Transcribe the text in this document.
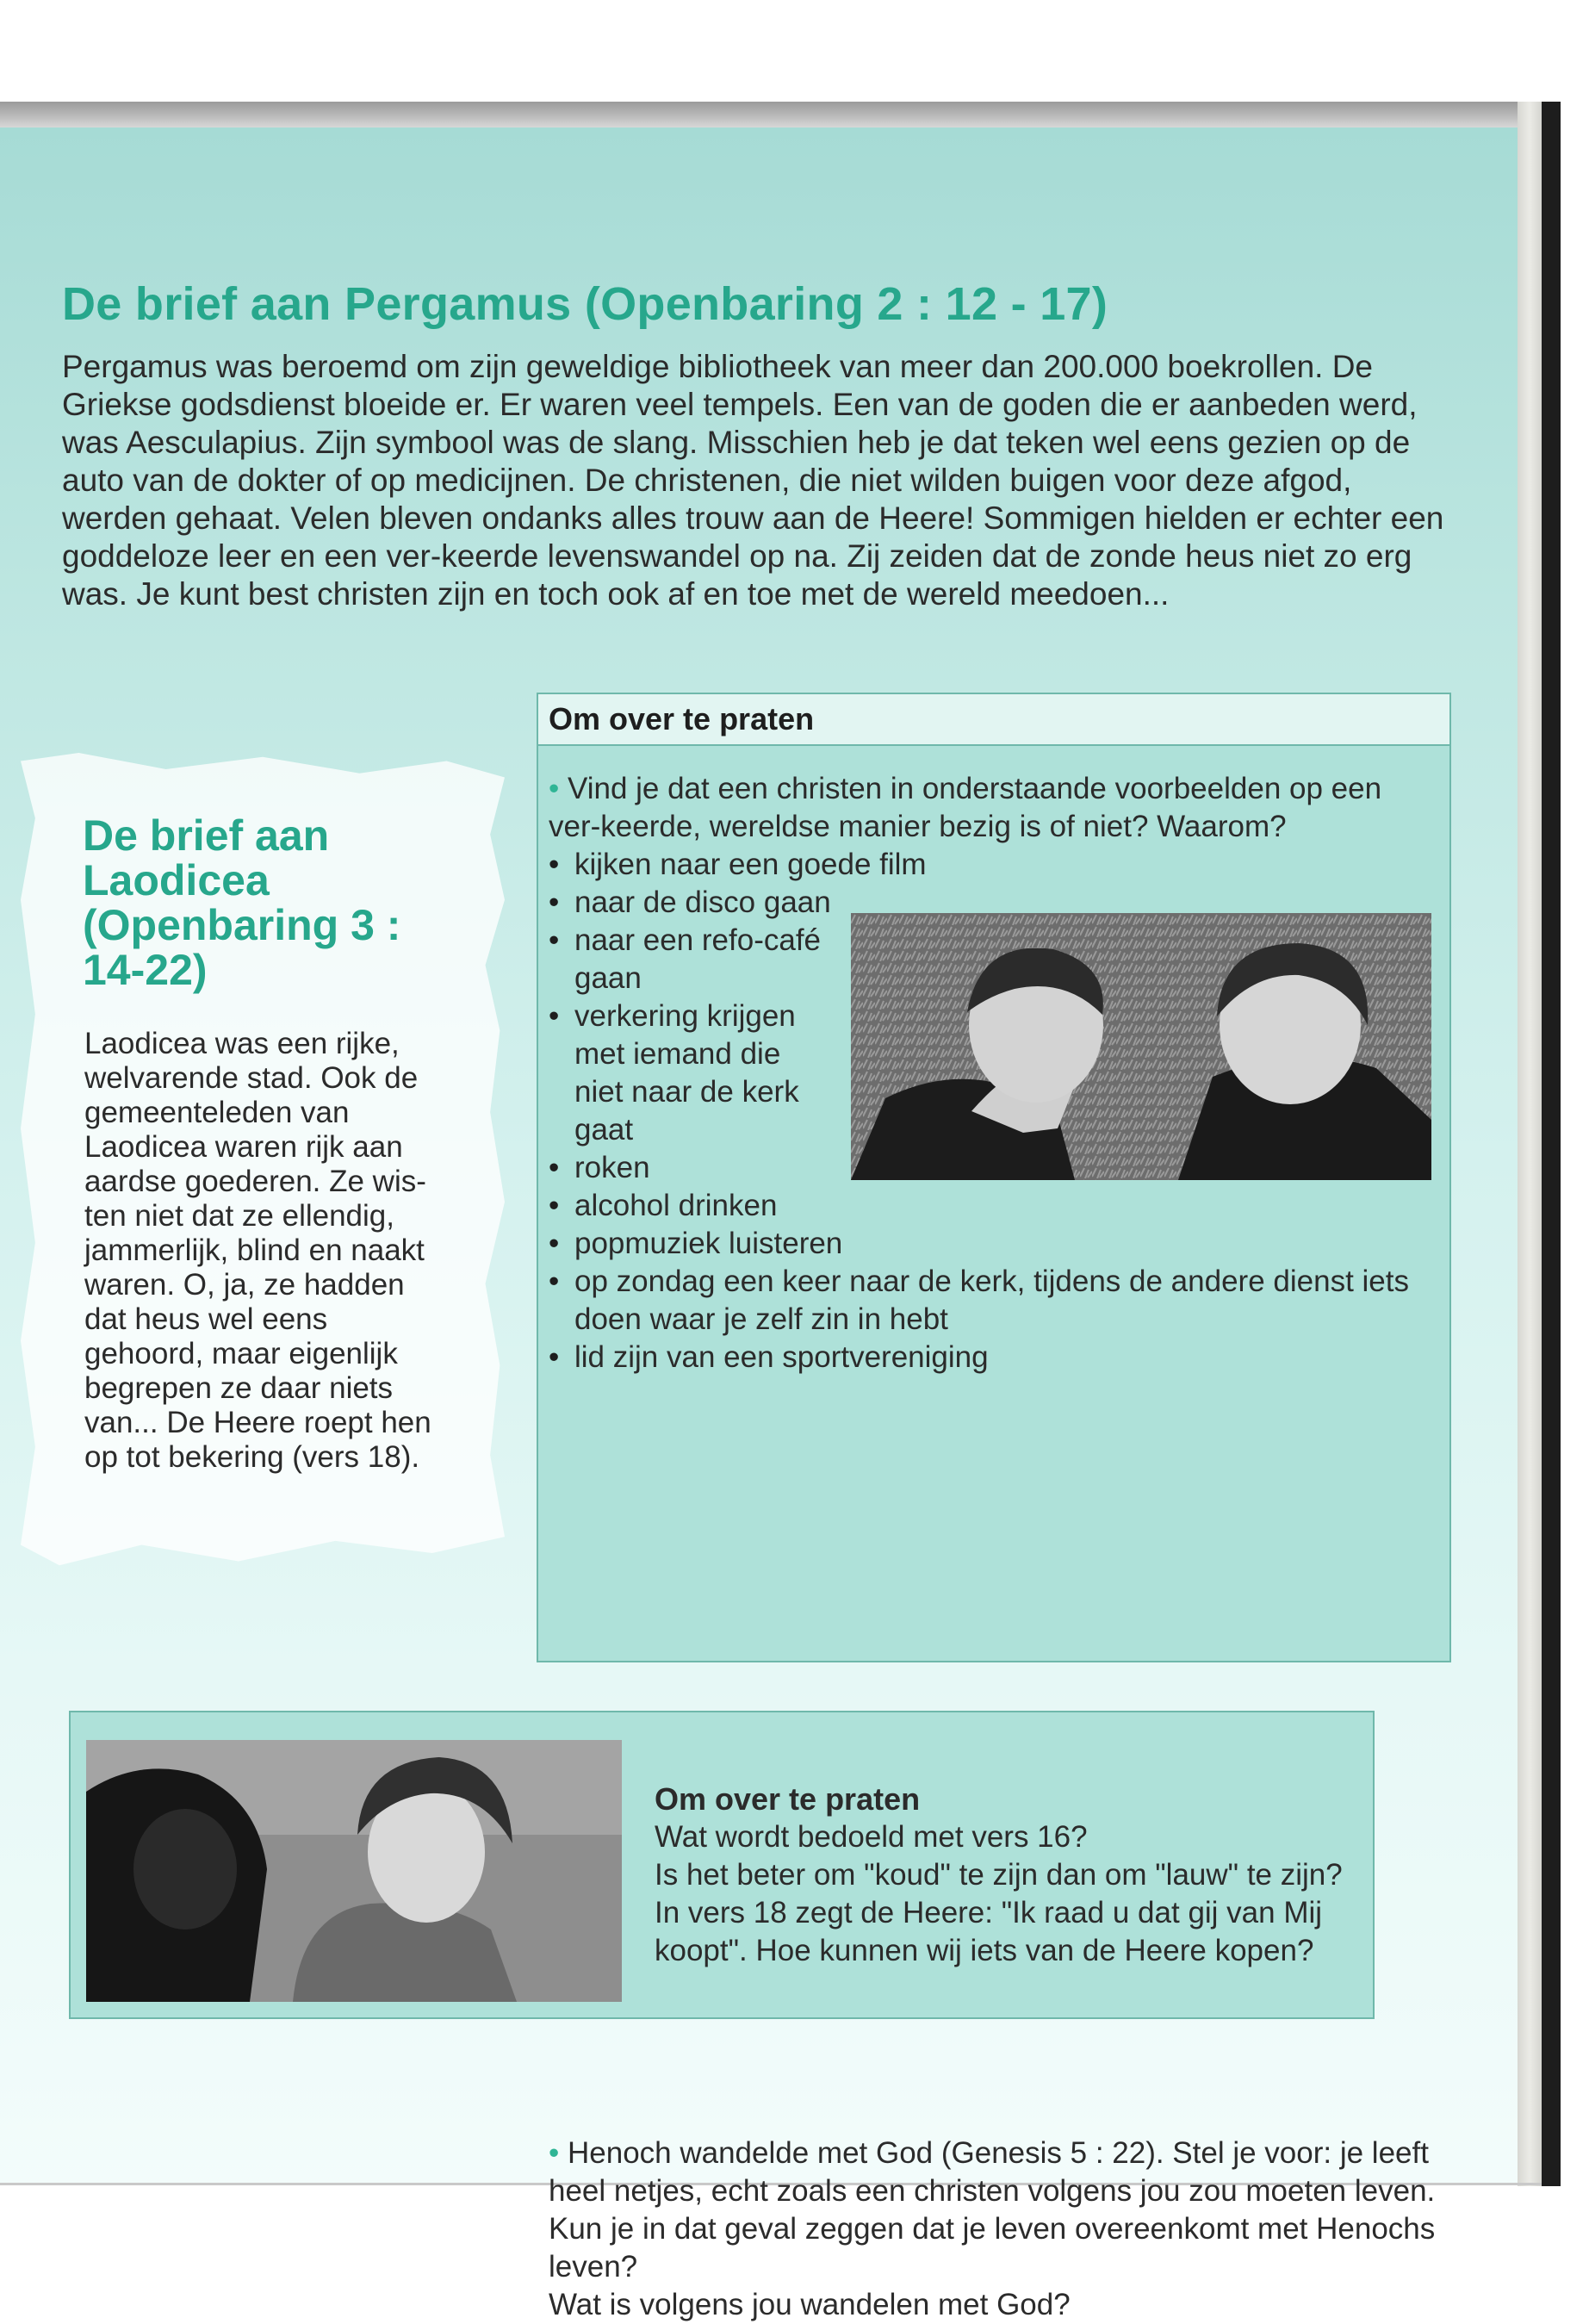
De brief aan Pergamus (Openbaring 2 : 12 - 17)

Pergamus was beroemd om zijn geweldige bibliotheek van meer dan 200.000 boekrollen. De Griekse godsdienst bloeide er. Er waren veel tempels. Een van de goden die er aanbeden werd, was Aesculapius. Zijn symbool was de slang. Misschien heb je dat teken wel eens gezien op de auto van de dokter of op medicijnen. De christenen, die niet wilden buigen voor deze afgod, werden gehaat. Velen bleven ondanks alles trouw aan de Heere! Sommigen hielden er echter een goddeloze leer en een ver-keerde levenswandel op na. Zij zeiden dat de zonde heus niet zo erg was. Je kunt best christen zijn en toch ook af en toe met de wereld meedoen...

De brief aan Laodicea (Openbaring 3 : 14-22)

Laodicea was een rijke, welvarende stad. Ook de gemeenteleden van Laodicea waren rijk aan aardse goederen. Ze wis-ten niet dat ze ellendig, jammerlijk, blind en naakt waren. O, ja, ze hadden dat heus wel eens gehoord, maar eigenlijk begrepen ze daar niets van... De Heere roept hen op tot bekering (vers 18).

Om over te praten

• Vind je dat een christen in onderstaande voorbeelden op een ver-keerde, wereldse manier bezig is of niet? Waarom?

• kijken naar een goede film
• naar de disco gaan
• naar een refo-café gaan
• verkering krijgen met iemand die niet naar de kerk gaat
• roken
• alcohol drinken
• popmuziek luisteren
• op zondag een keer naar de kerk, tijdens de andere dienst iets doen waar je zelf zin in hebt
• lid zijn van een sportvereniging

• Henoch wandelde met God (Genesis 5 : 22). Stel je voor: je leeft heel netjes, echt zoals een christen volgens jou zou moeten leven. Kun je in dat geval zeggen dat je leven overeenkomt met Henochs leven?

Wat is volgens jou wandelen met God?

Om over te praten

Wat wordt bedoeld met vers 16?

Is het beter om "koud" te zijn dan om "lauw" te zijn?

In vers 18 zegt de Heere: "Ik raad u dat gij van Mij koopt". Hoe kunnen wij iets van de Heere kopen?
